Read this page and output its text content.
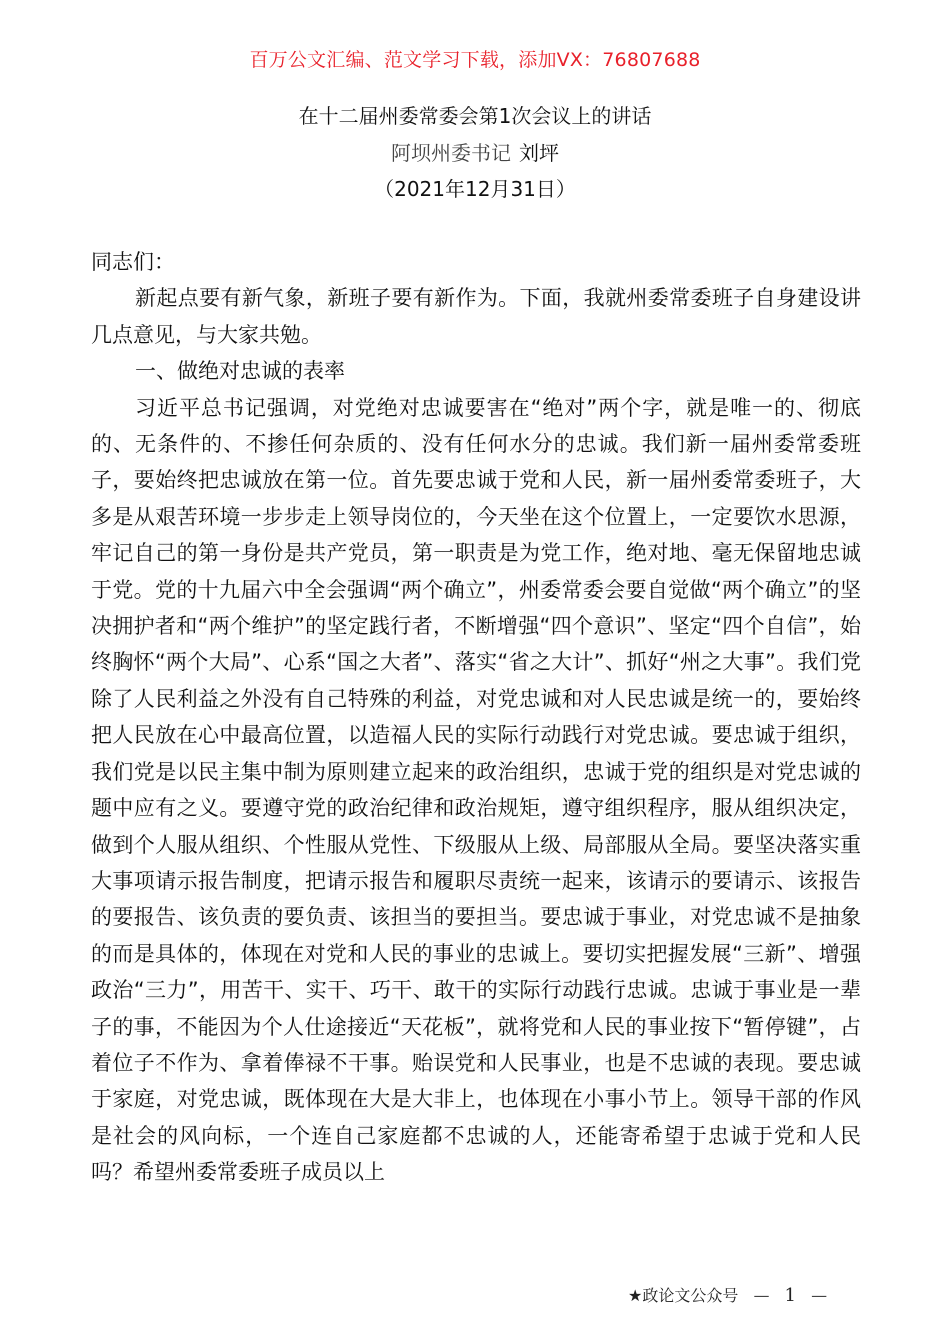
百万公文汇编、范文学习下载，添加VX：76807688
在十二届州委常委会第1次会议上的讲话
阿坝州委书记 刘坪
（2021年12月31日）

同志们：

新起点要有新气象，新班子要有新作为。下面，我就州委常委班子自身建设讲几点意见，与大家共勉。

一、做绝对忠诚的表率

习近平总书记强调，对党绝对忠诚要害在“绝对”两个字，就是唯一的、彻底的、无条件的、不掺任何杂质的、没有任何水分的忠诚。我们新一届州委常委班子，要始终把忠诚放在第一位。首先要忠诚于党和人民，新一届州委常委班子，大多是从艰苦环境一步步走上领导岗位的，今天坐在这个位置上，一定要饮水思源，牢记自己的第一身份是共产党员，第一职责是为党工作，绝对地、毫无保留地忠诚于党。党的十九届六中全会强调“两个确立”，州委常委会要自觉做“两个确立”的坚决拥护者和“两个维护”的坚定践行者，不断增强“四个意识”、坚定“四个自信”，始终胸怀“两个大局”、心系“国之大者”、落实“省之大计”、抓好“州之大事”。我们党除了人民利益之外没有自己特殊的利益，对党忠诚和对人民忠诚是统一的，要始终把人民放在心中最高位置，以造福人民的实际行动践行对党忠诚。要忠诚于组织，我们党是以民主集中制为原则建立起来的政治组织，忠诚于党的组织是对党忠诚的题中应有之义。要遵守党的政治纪律和政治规矩，遵守组织程序，服从组织决定，做到个人服从组织、个性服从党性、下级服从上级、局部服从全局。要坚决落实重大事项请示报告制度，把请示报告和履职尽责统一起来，该请示的要请示、该报告的要报告、该负责的要负责、该担当的要担当。要忠诚于事业，对党忠诚不是抽象的而是具体的，体现在对党和人民的事业的忠诚上。要切实把握发展“三新”、增强政治“三力”，用苦干、实干、巧干、敢干的实际行动践行忠诚。忠诚于事业是一辈子的事，不能因为个人仕途接近“天花板”，就将党和人民的事业按下“暂停键”，占着位子不作为、拿着俸禄不干事。贻误党和人民事业，也是不忠诚的表现。要忠诚于家庭，对党忠诚，既体现在大是大非上，也体现在小事小节上。领导干部的作风是社会的风向标，一个连自己家庭都不忠诚的人，还能寄希望于忠诚于党和人民吗？希望州委常委班子成员以上

★政论文公众号 — 1 —
